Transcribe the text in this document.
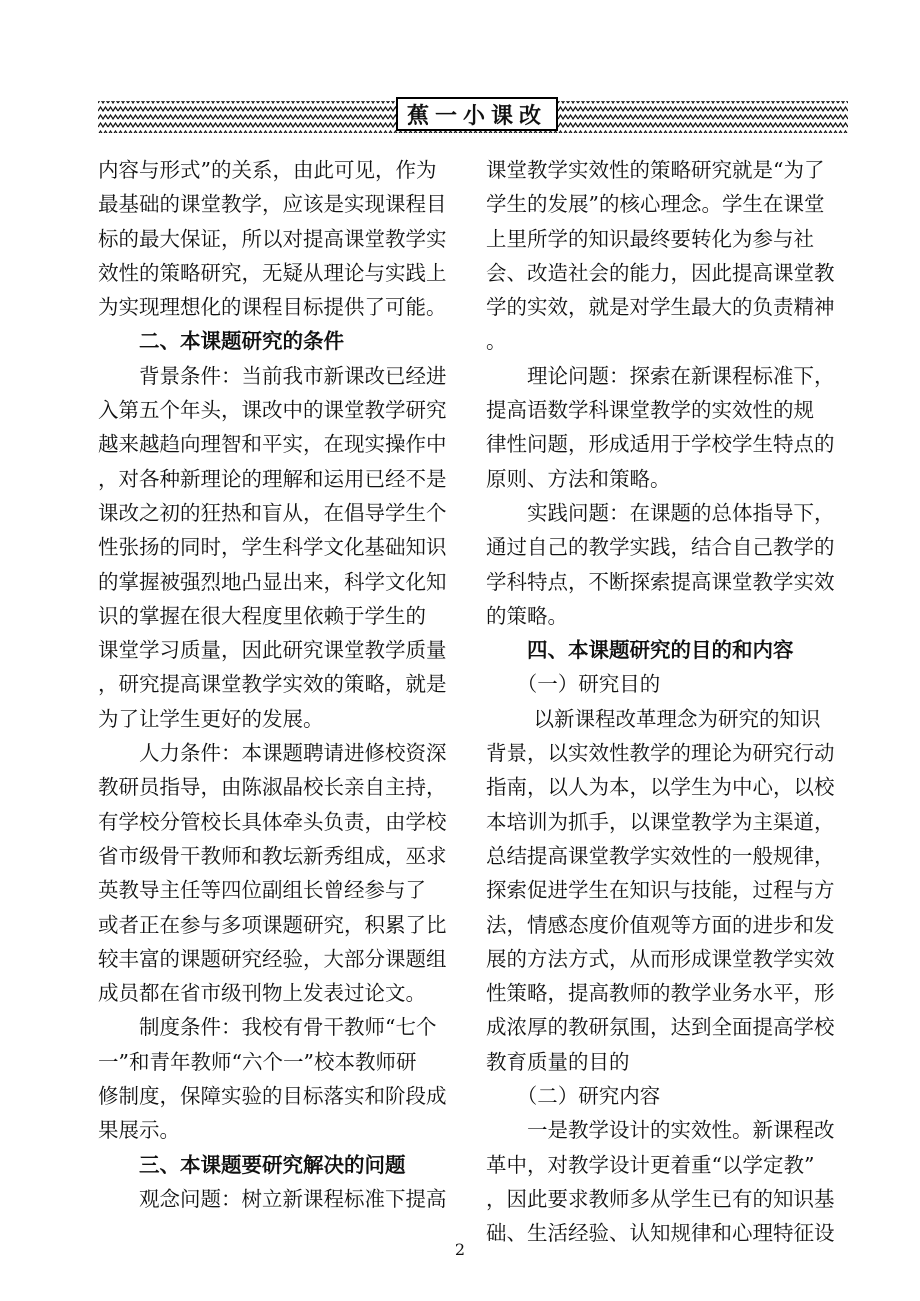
蕉一小课改

内容与形式”的关系，由此可见，作为

最基础的课堂教学，应该是实现课程目

标的最大保证，所以对提高课堂教学实

效性的策略研究，无疑从理论与实践上

为实现理想化的课程目标提供了可能。

　　二、本课题研究的条件

　　背景条件：当前我市新课改已经进

入第五个年头，课改中的课堂教学研究

越来越趋向理智和平实，在现实操作中

，对各种新理论的理解和运用已经不是

课改之初的狂热和盲从，在倡导学生个

性张扬的同时，学生科学文化基础知识

的掌握被强烈地凸显出来，科学文化知

识的掌握在很大程度里依赖于学生的

课堂学习质量，因此研究课堂教学质量

，研究提高课堂教学实效的策略，就是

为了让学生更好的发展。

　　人力条件：本课题聘请进修校资深

教研员指导，由陈淑晶校长亲自主持，

有学校分管校长具体牵头负责，由学校

省市级骨干教师和教坛新秀组成，巫求

英教导主任等四位副组长曾经参与了

或者正在参与多项课题研究，积累了比

较丰富的课题研究经验，大部分课题组

成员都在省市级刊物上发表过论文。

　　制度条件：我校有骨干教师“七个

一”和青年教师“六个一”校本教师研

修制度，保障实验的目标落实和阶段成

果展示。

　　三、本课题要研究解决的问题

　　观念问题：树立新课程标准下提高

课堂教学实效性的策略研究就是“为了

学生的发展”的核心理念。学生在课堂

上里所学的知识最终要转化为参与社

会、改造社会的能力，因此提高课堂教

学的实效，就是对学生最大的负责精神

。

　　理论问题：探索在新课程标准下，

提高语数学科课堂教学的实效性的规

律性问题，形成适用于学校学生特点的

原则、方法和策略。

　　实践问题：在课题的总体指导下，

通过自己的教学实践，结合自己教学的

学科特点，不断探索提高课堂教学实效

的策略。

　　四、本课题研究的目的和内容

　　（一）研究目的

　　 以新课程改革理念为研究的知识

背景，以实效性教学的理论为研究行动

指南，以人为本，以学生为中心，以校

本培训为抓手，以课堂教学为主渠道，

总结提高课堂教学实效性的一般规律，

探索促进学生在知识与技能，过程与方

法，情感态度价值观等方面的进步和发

展的方法方式，从而形成课堂教学实效

性策略，提高教师的教学业务水平，形

成浓厚的教研氛围，达到全面提高学校

教育质量的目的

　　（二）研究内容

　　一是教学设计的实效性。新课程改

革中，对教学设计更着重“以学定教”

，因此要求教师多从学生已有的知识基

础、生活经验、认知规律和心理特征设

2
